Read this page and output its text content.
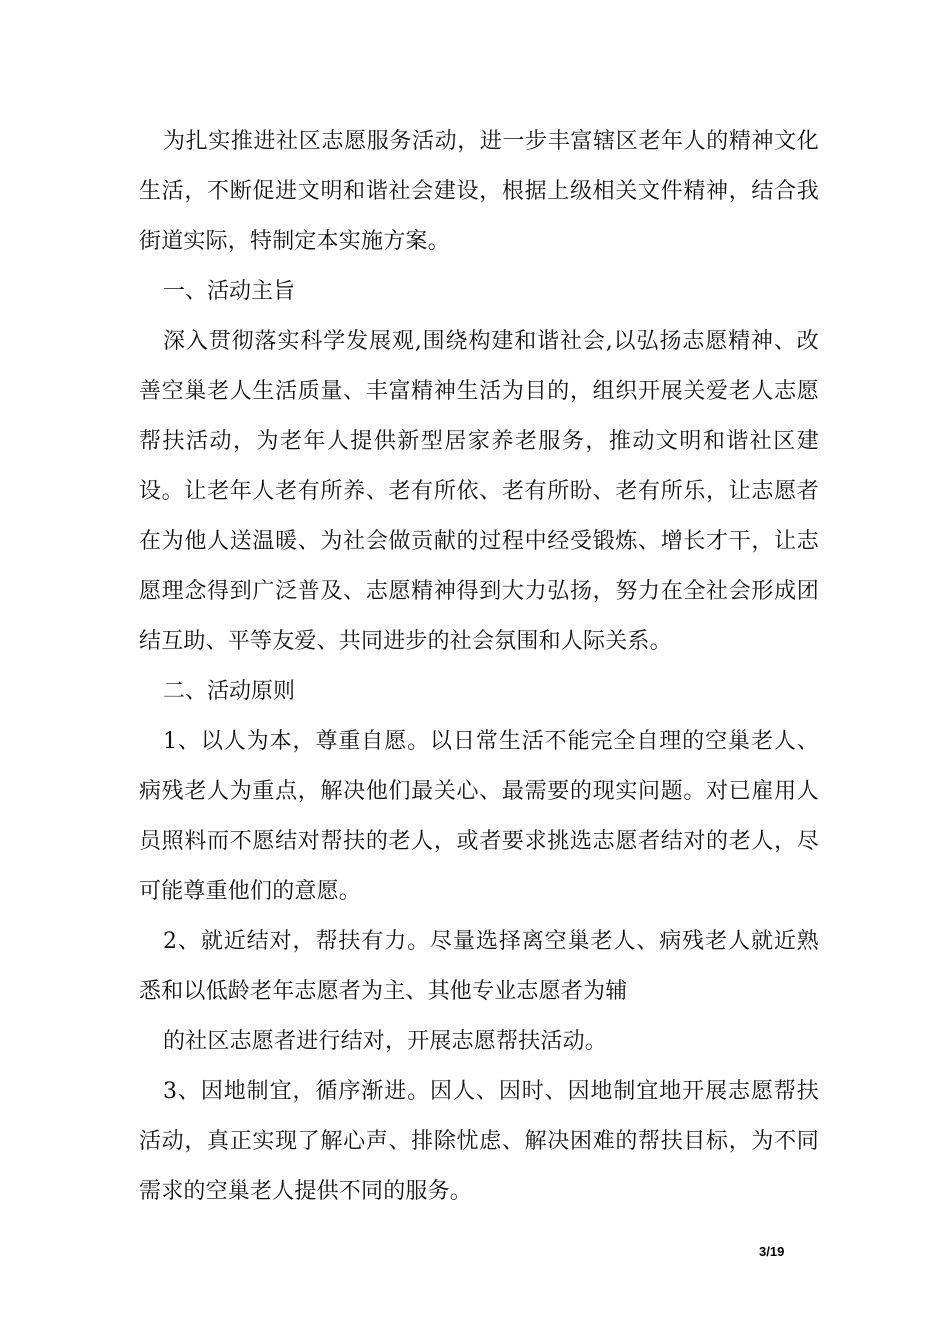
为扎实推进社区志愿服务活动，进一步丰富辖区老年人的精神文化生活，不断促进文明和谐社会建设，根据上级相关文件精神，结合我街道实际，特制定本实施方案。

一、活动主旨

深入贯彻落实科学发展观,围绕构建和谐社会,以弘扬志愿精神、改善空巢老人生活质量、丰富精神生活为目的，组织开展关爱老人志愿帮扶活动，为老年人提供新型居家养老服务，推动文明和谐社区建设。让老年人老有所养、老有所依、老有所盼、老有所乐，让志愿者在为他人送温暖、为社会做贡献的过程中经受锻炼、增长才干，让志愿理念得到广泛普及、志愿精神得到大力弘扬，努力在全社会形成团结互助、平等友爱、共同进步的社会氛围和人际关系。

二、活动原则

1、以人为本，尊重自愿。以日常生活不能完全自理的空巢老人、病残老人为重点，解决他们最关心、最需要的现实问题。对已雇用人员照料而不愿结对帮扶的老人，或者要求挑选志愿者结对的老人，尽可能尊重他们的意愿。

2、就近结对，帮扶有力。尽量选择离空巢老人、病残老人就近熟悉和以低龄老年志愿者为主、其他专业志愿者为辅

的社区志愿者进行结对，开展志愿帮扶活动。

3、因地制宜，循序渐进。因人、因时、因地制宜地开展志愿帮扶活动，真正实现了解心声、排除忧虑、解决困难的帮扶目标，为不同需求的空巢老人提供不同的服务。

3/19
